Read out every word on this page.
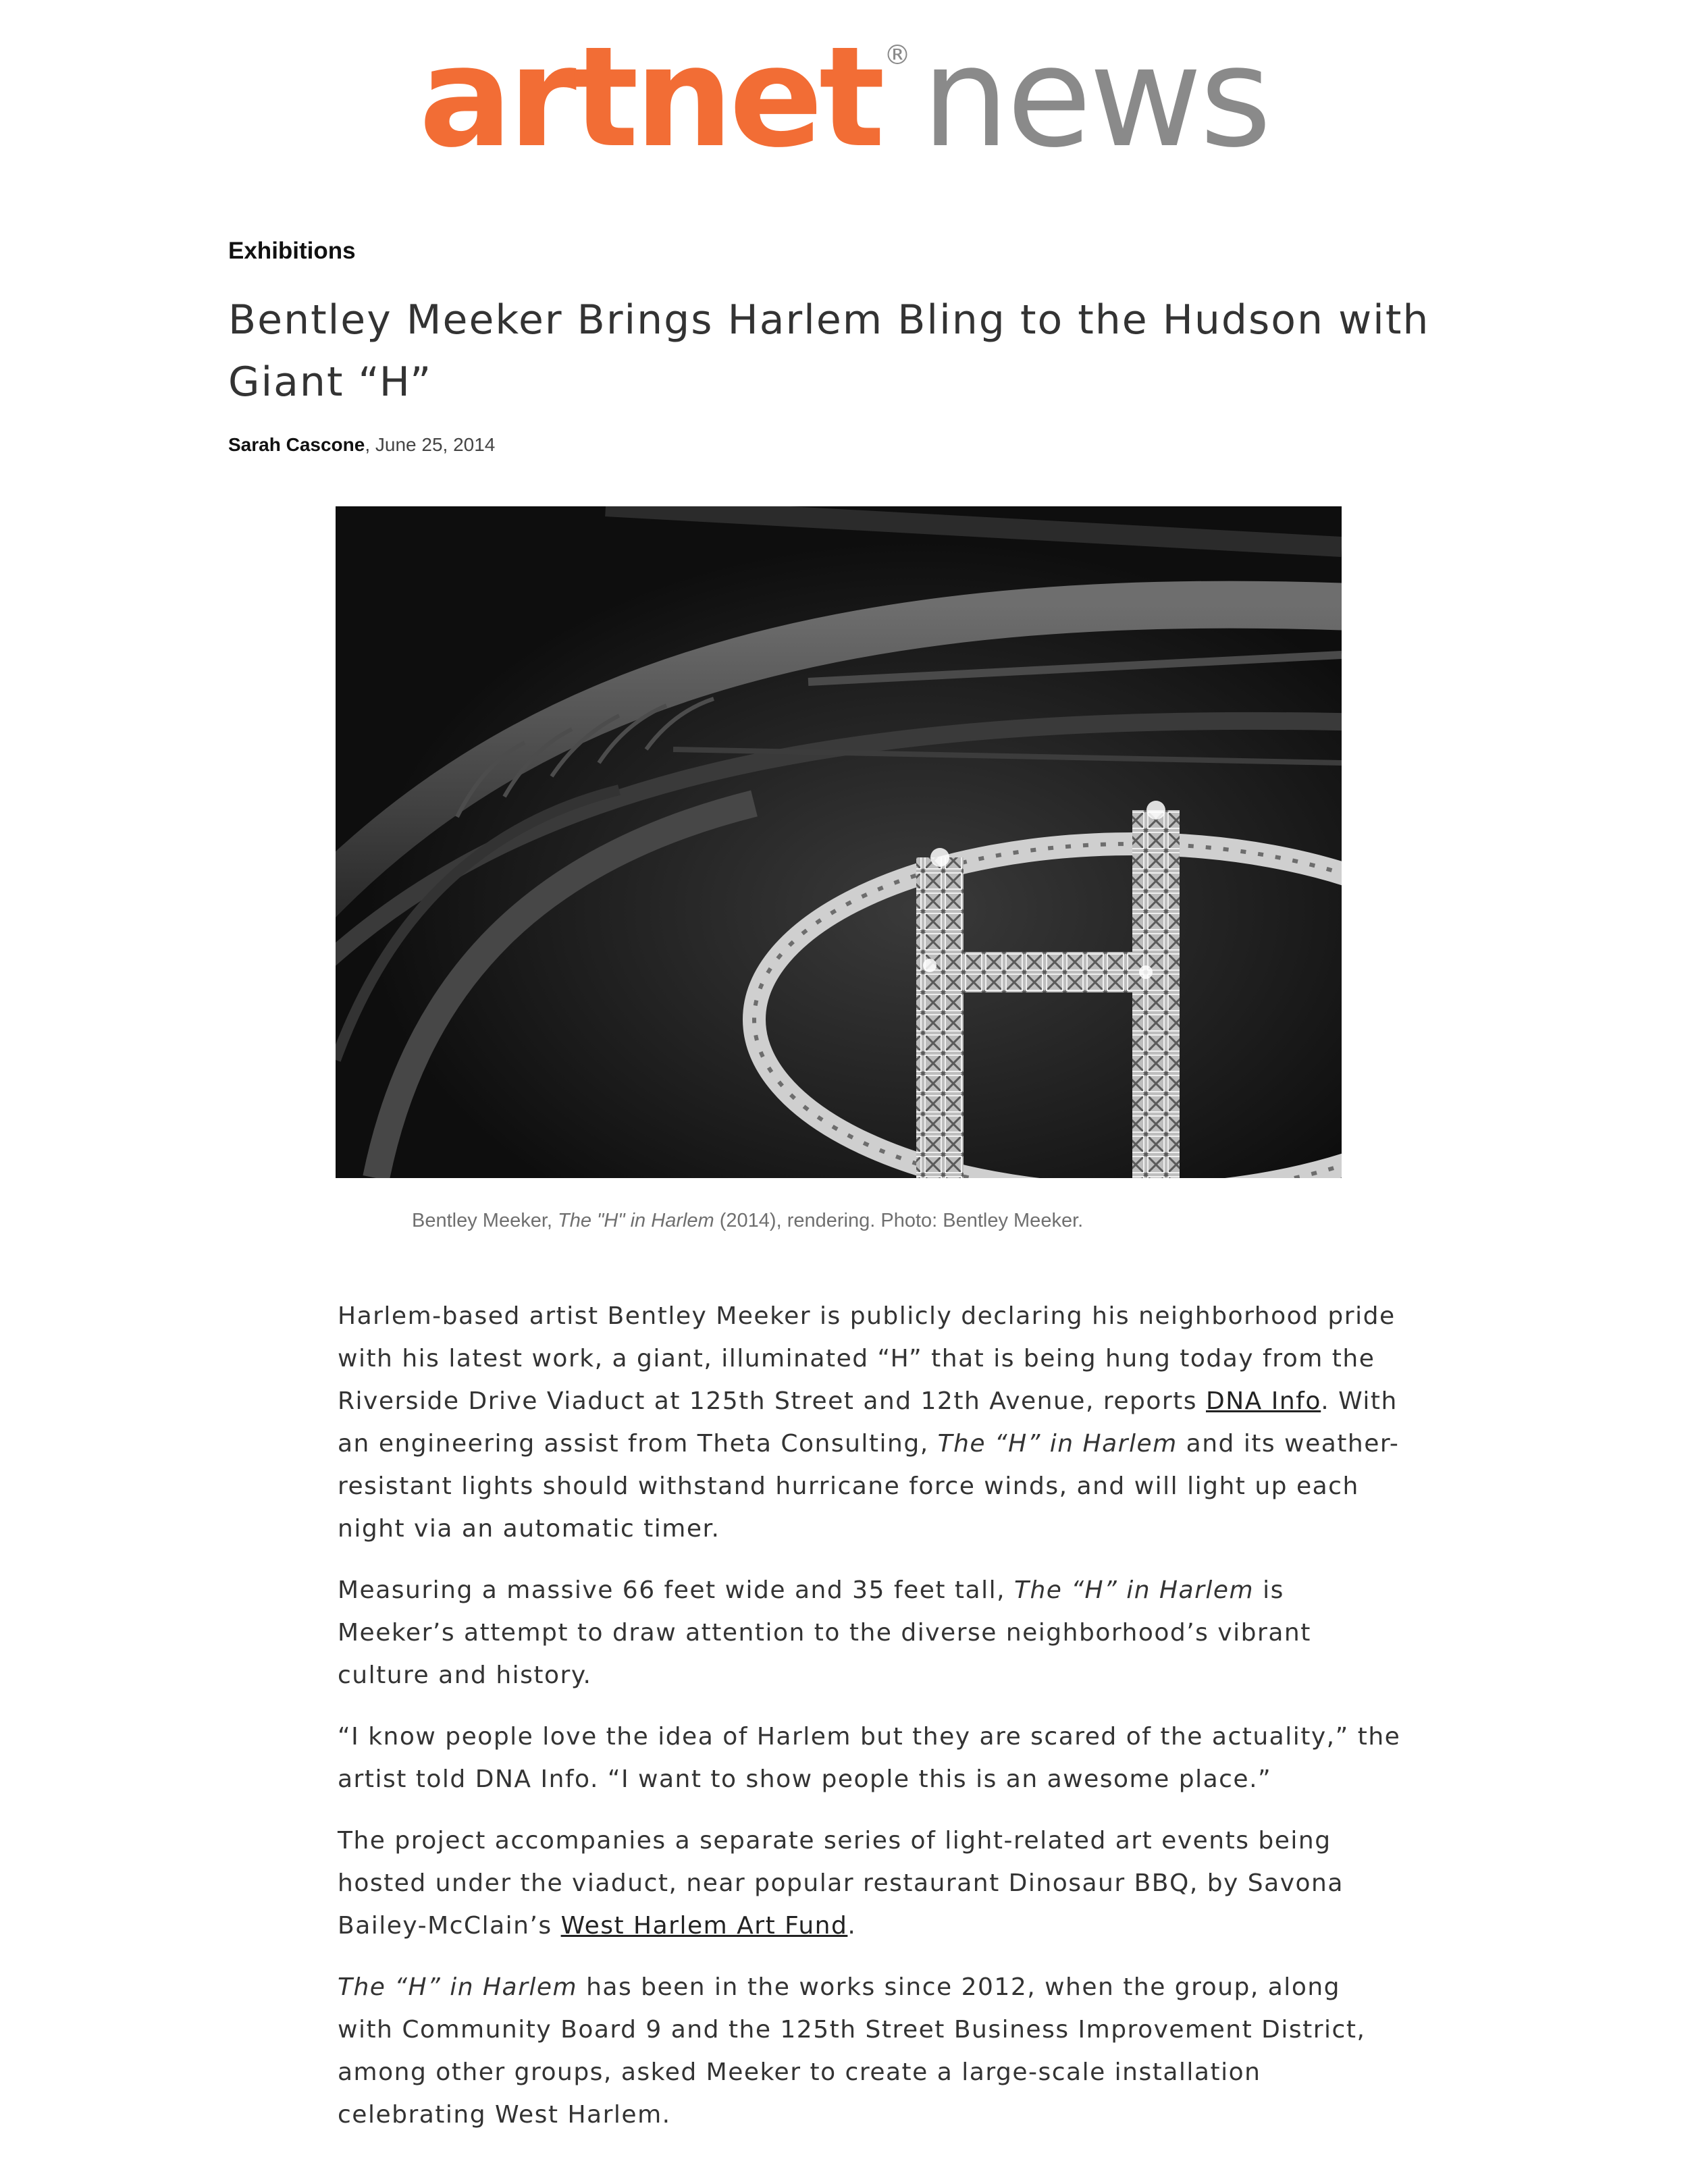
artnet ®news
Exhibitions
Bentley Meeker Brings Harlem Bling to the Hudson with Giant “H”
Sarah Cascone, June 25, 2014
Bentley Meeker, The "H" in Harlem (2014), rendering. Photo: Bentley Meeker.

Harlem-based artist Bentley Meeker is publicly declaring his neighborhood pride with his latest work, a giant, illuminated “H” that is being hung today from the Riverside Drive Viaduct at 125th Street and 12th Avenue, reports DNA Info. With an engineering assist from Theta Consulting, The “H” in Harlem and its weather-resistant lights should withstand hurricane force winds, and will light up each night via an automatic timer.

Measuring a massive 66 feet wide and 35 feet tall, The “H” in Harlem is Meeker’s attempt to draw attention to the diverse neighborhood’s vibrant culture and history.

“I know people love the idea of Harlem but they are scared of the actuality,” the artist told DNA Info. “I want to show people this is an awesome place.”

The project accompanies a separate series of light-related art events being hosted under the viaduct, near popular restaurant Dinosaur BBQ, by Savona Bailey-McClain’s West Harlem Art Fund.

The “H” in Harlem has been in the works since 2012, when the group, along with Community Board 9 and the 125th Street Business Improvement District, among other groups, asked Meeker to create a large-scale installation celebrating West Harlem.
